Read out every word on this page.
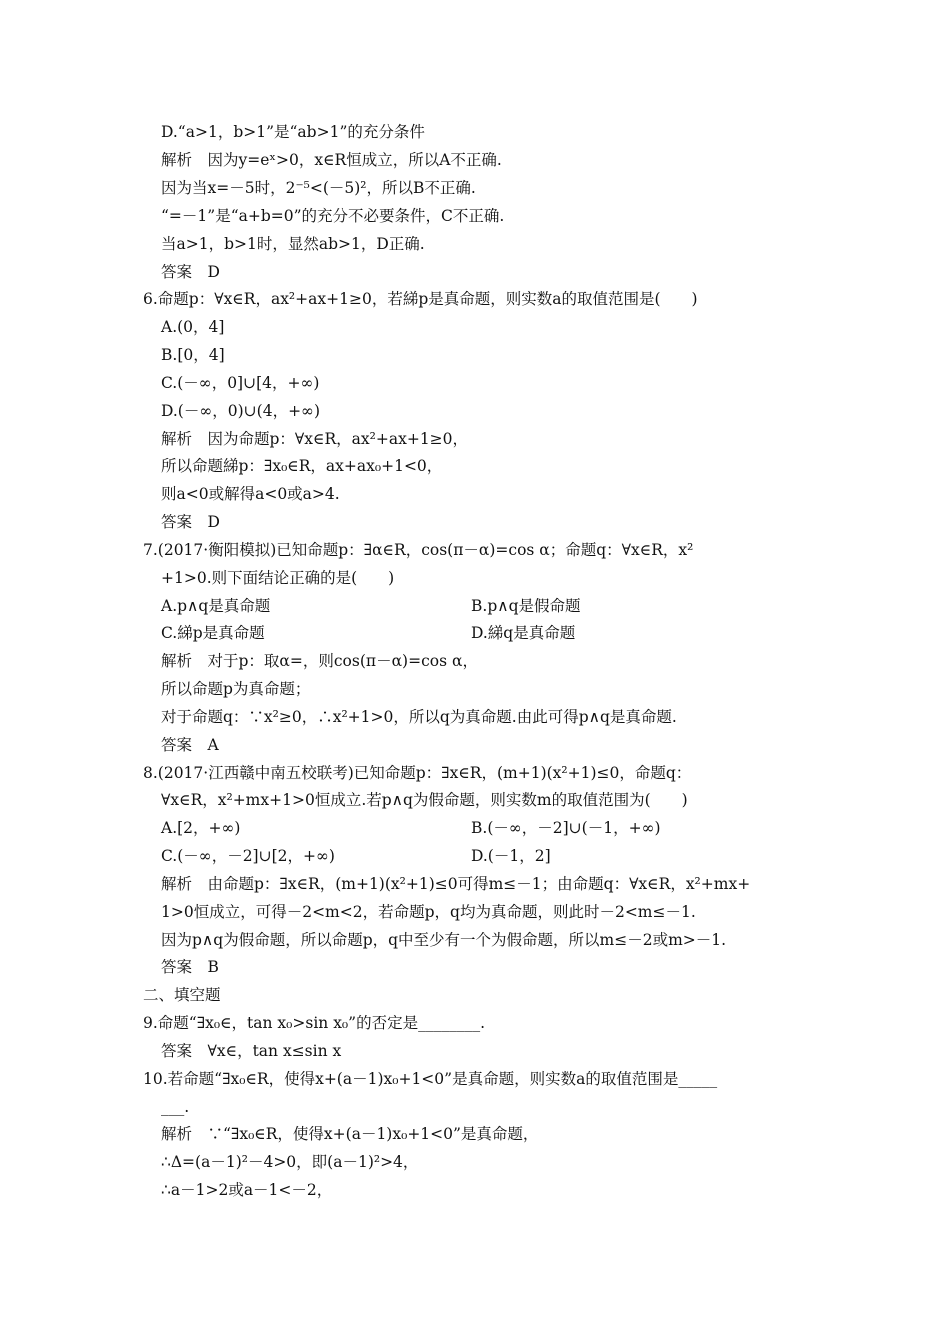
D.“a>1，b>1”是“ab>1”的充分条件
解析　因为y=eˣ>0，x∈R恒成立，所以A不正确.
因为当x=－5时，2⁻⁵<(－5)²，所以B不正确.
“=－1”是“a+b=0”的充分不必要条件，C不正确.
当a>1，b>1时，显然ab>1，D正确.
答案　D
6.命题p：∀x∈R，ax²+ax+1≥0，若綈p是真命题，则实数a的取值范围是(　　)
A.(0，4]
B.[0，4]
C.(－∞，0]∪[4，+∞)
D.(－∞，0)∪(4，+∞)
解析　因为命题p：∀x∈R，ax²+ax+1≥0，
所以命题綈p：∃x₀∈R，ax+ax₀+1<0，
则a<0或解得a<0或a>4.
答案　D
7.(2017·衡阳模拟)已知命题p：∃α∈R，cos(π－α)=cos α；命题q：∀x∈R，x²
+1>0.则下面结论正确的是(　　)
A.p∧q是真命题	B.p∧q是假命题
C.綈p是真命题	D.綈q是真命题
解析　对于p：取α=，则cos(π－α)=cos α，
所以命题p为真命题；
对于命题q：∵x²≥0，∴x²+1>0，所以q为真命题.由此可得p∧q是真命题.
答案　A
8.(2017·江西赣中南五校联考)已知命题p：∃x∈R，(m+1)(x²+1)≤0，命题q：
∀x∈R，x²+mx+1>0恒成立.若p∧q为假命题，则实数m的取值范围为(　　)
A.[2，+∞)	B.(－∞，－2]∪(－1，+∞)
C.(－∞，－2]∪[2，+∞)	D.(－1，2]
解析　由命题p：∃x∈R，(m+1)(x²+1)≤0可得m≤－1；由命题q：∀x∈R，x²+mx+
1>0恒成立，可得－2<m<2，若命题p，q均为真命题，则此时－2<m≤－1.
因为p∧q为假命题，所以命题p，q中至少有一个为假命题，所以m≤－2或m>－1.
答案　B
二、填空题
9.命题“∃x₀∈，tan x₀>sin x₀”的否定是________.
答案　∀x∈，tan x≤sin x
10.若命题“∃x₀∈R，使得x+(a－1)x₀+1<0”是真命题，则实数a的取值范围是_____
___.
解析　∵“∃x₀∈R，使得x+(a－1)x₀+1<0”是真命题，
∴Δ=(a－1)²－4>0，即(a－1)²>4，
∴a－1>2或a－1<－2，
